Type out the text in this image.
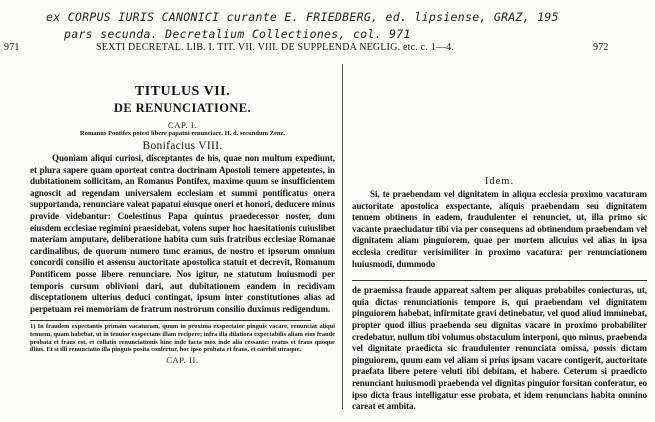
ex CORPUS IURIS CANONICI curante E. FRIEDBERG, ed. lipsiense, GRAZ, 195
pars secunda. Decretalium Collectiones, col. 971
971	SEXTI DECRETAL. LIB. I. TIT. VII. VIII. DE SUPPLENDA NEGLIG. etc. c. 1—4.	972
TITULUS VII.
DE RENUNCIATIONE.
CAP. I.
Romanus Pontifex potest libere papatui renunciare. H. d. secundum Zenz.
Bonifacius VIII.
Quoniam aliqui curiosi, disceptantes de his, quae non multum expediunt, et plura sapere quam oporteat contra doctrinam Apostoli temere appetentes, in dubitationem sollicitam, an Romanus Pontifex, maxime quum se insufficientem agnoscit ad regendam universalem ecclesiam et summi pontificatus onera supportanda, renunciare valeat papatui eiusque oneri et honori, deducere minus provide videbantur: Coelestinus Papa quintus praedecessor noster, dum eiusdem ecclesiae regimini praesidebat, volens super hoc haesitationis cuiuslibet materiam amputare, deliberatione habita cum suis fratribus ecclesiae Romanae cardinalibus, de quorum numero tunc eramus, de nostro et ipsorum omnium concordi consilio et assensu auctoritate apostolica statuit et decrevit, Romanum Pontificem posse libere renunciare. Nos igitur, ne statutum huiusmodi per temporis cursum oblivioni dari, aut dubitationem eandem in recidivam disceptationem ulterius deduci contingat, ipsum inter constitutiones alias ad perpetuam rei memoriam de fratrum nostrorum consilio duximus redigendum.
1) In fraudem expectantis primam vacaturam, quum in proxima exspectator pinguis vacare, renunciat aliqui tenuem, quam habebat, ut in tenuior exspectans illam recipere; infra illa dilatiora expectabilis aliam eius fraude probata et fraus est, et collatio renunciationis hinc inde facta mox inde alia cessante: reatus et fraus quoque illius. Et si illi renunciatio illa pinguis posita confertur, hoc ipso probata et fraus, et carebit utraque.
CAP. II.
Idem.
Si, te praebendam vel dignitatem in aliqua ecclesia proximo vacaturam auctoritate apostolica exspectante, aliquis praebendam seu dignitatem tenuem obtinens in eadem, fraudulenter ei renunciet, ut, illa primo sic vacante praecludatur tibi via per consequens ad obtinendum praebendam vel dignitatem aliam pinguiorem, quae per mortem alicuius vel alias in ipsa ecclesia creditur verisimiliter in proximo vacatura: per renunciationem huiusmodi, dummodo
de praemissa fraude appareat saltem per aliquas probabiles coniecturas, ut, quia dictas renunciationis tempore is, qui praebendam vel dignitatem pinguiorem habebat, infirmitate gravi detinebatur, vel quod aliud imminebat, propter quod illius praebenda seu dignitas vacare in proximo probabiliter credebatur, nullum tibi volumus obstaculum interponi, quo minus, praebenda vel dignitate praedicta sic fraudulenter renunciata omissa, possis dictam pinguiorem, quum eam vel aliam si prius ipsam vacare contigerit, auctoritate praefata libere petere veluti tibi debitam, et habere. Ceterum si praedicto renunciant huiusmodi praebenda vel dignitas pinguior forsitan conferatur, eo ipso dicta fraus intelligatur esse probata, et idem renuncians habita omnino careat et ambita.
